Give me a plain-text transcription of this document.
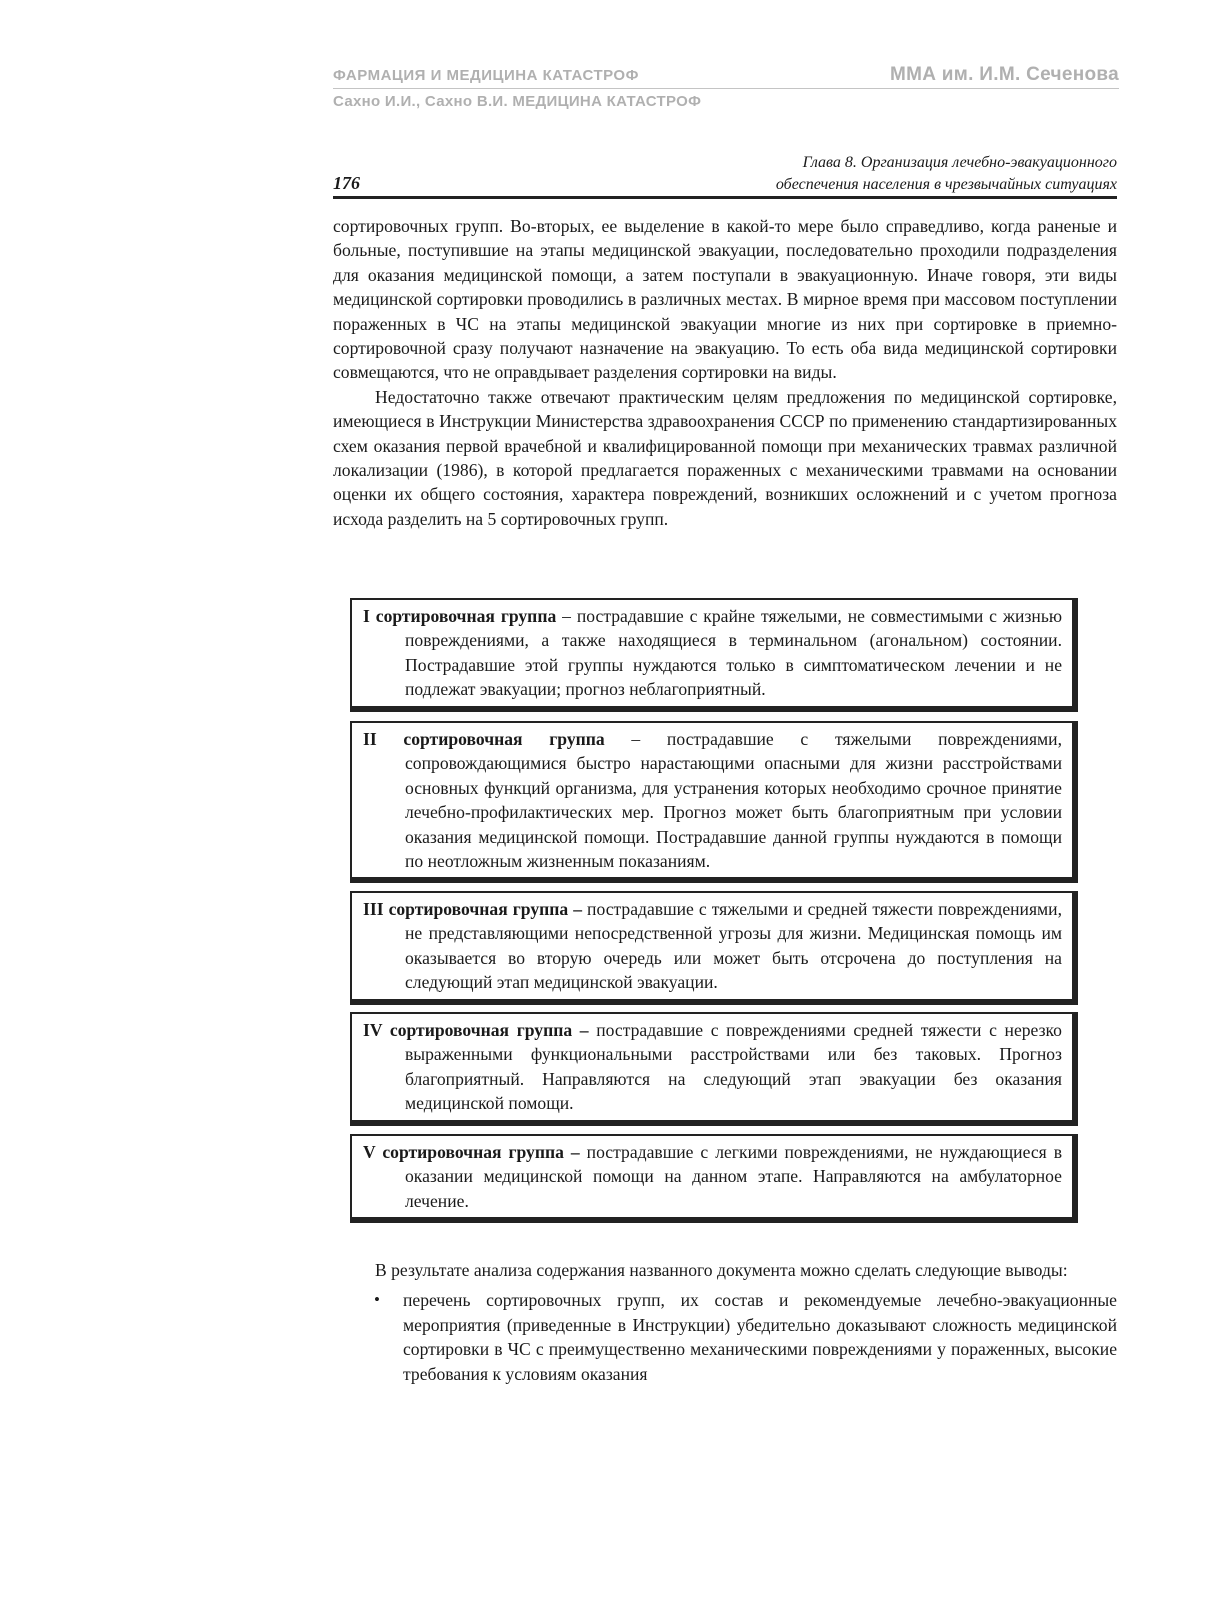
ФАРМАЦИЯ И МЕДИЦИНА КАТАСТРОФ	ММА им. И.М. Сеченова
Сахно И.И., Сахно В.И. МЕДИЦИНА КАТАСТРОФ
Глава 8. Организация лечебно-эвакуационного
176	обеспечения населения в чрезвычайных ситуациях

сортировочных групп. Во-вторых, ее выделение в какой-то мере было справедливо, когда раненые и больные, поступившие на этапы медицинской эвакуации, последовательно проходили подразделения для оказания медицинской помощи, а затем поступали в эвакуационную. Иначе говоря, эти виды медицинской сортировки проводились в различных местах. В мирное время при массовом поступлении пораженных в ЧС на этапы медицинской эвакуации многие из них при сортировке в приемно-сортировочной сразу получают назначение на эвакуацию. То есть оба вида медицинской сортировки совмещаются, что не оправдывает разделения сортировки на виды.

Недостаточно также отвечают практическим целям предложения по медицинской сортировке, имеющиеся в Инструкции Министерства здравоохранения СССР по применению стандартизированных схем оказания первой врачебной и квалифицированной помощи при механических травмах различной локализации (1986), в которой предлагается пораженных с механическими травмами на основании оценки их общего состояния, характера повреждений, возникших осложнений и с учетом прогноза исхода разделить на 5 сортировочных групп.

I сортировочная группа – пострадавшие с крайне тяжелыми, не совместимыми с жизнью повреждениями, а также находящиеся в терминальном (агональном) состоянии. Пострадавшие этой группы нуждаются только в симптоматическом лечении и не подлежат эвакуации; прогноз неблагоприятный.

II сортировочная группа – пострадавшие с тяжелыми повреждениями, сопровождающимися быстро нарастающими опасными для жизни расстройствами основных функций организма, для устранения которых необходимо срочное принятие лечебно-профилактических мер. Прогноз может быть благоприятным при условии оказания медицинской помощи. Пострадавшие данной группы нуждаются в помощи по неотложным жизненным показаниям.

III сортировочная группа – пострадавшие с тяжелыми и средней тяжести повреждениями, не представляющими непосредственной угрозы для жизни. Медицинская помощь им оказывается во вторую очередь или может быть отсрочена до поступления на следующий этап медицинской эвакуации.

IV сортировочная группа – пострадавшие с повреждениями средней тяжести с нерезко выраженными функциональными расстройствами или без таковых. Прогноз благоприятный. Направляются на следующий этап эвакуации без оказания медицинской помощи.

V сортировочная группа – пострадавшие с легкими повреждениями, не нуждающиеся в оказании медицинской помощи на данном этапе. Направляются на амбулаторное лечение.

В результате анализа содержания названного документа можно сделать следующие выводы:

• перечень сортировочных групп, их состав и рекомендуемые лечебно-эвакуационные мероприятия (приведенные в Инструкции) убедительно доказывают сложность медицинской сортировки в ЧС с преимущественно механическими повреждениями у пораженных, высокие требования к условиям оказания
